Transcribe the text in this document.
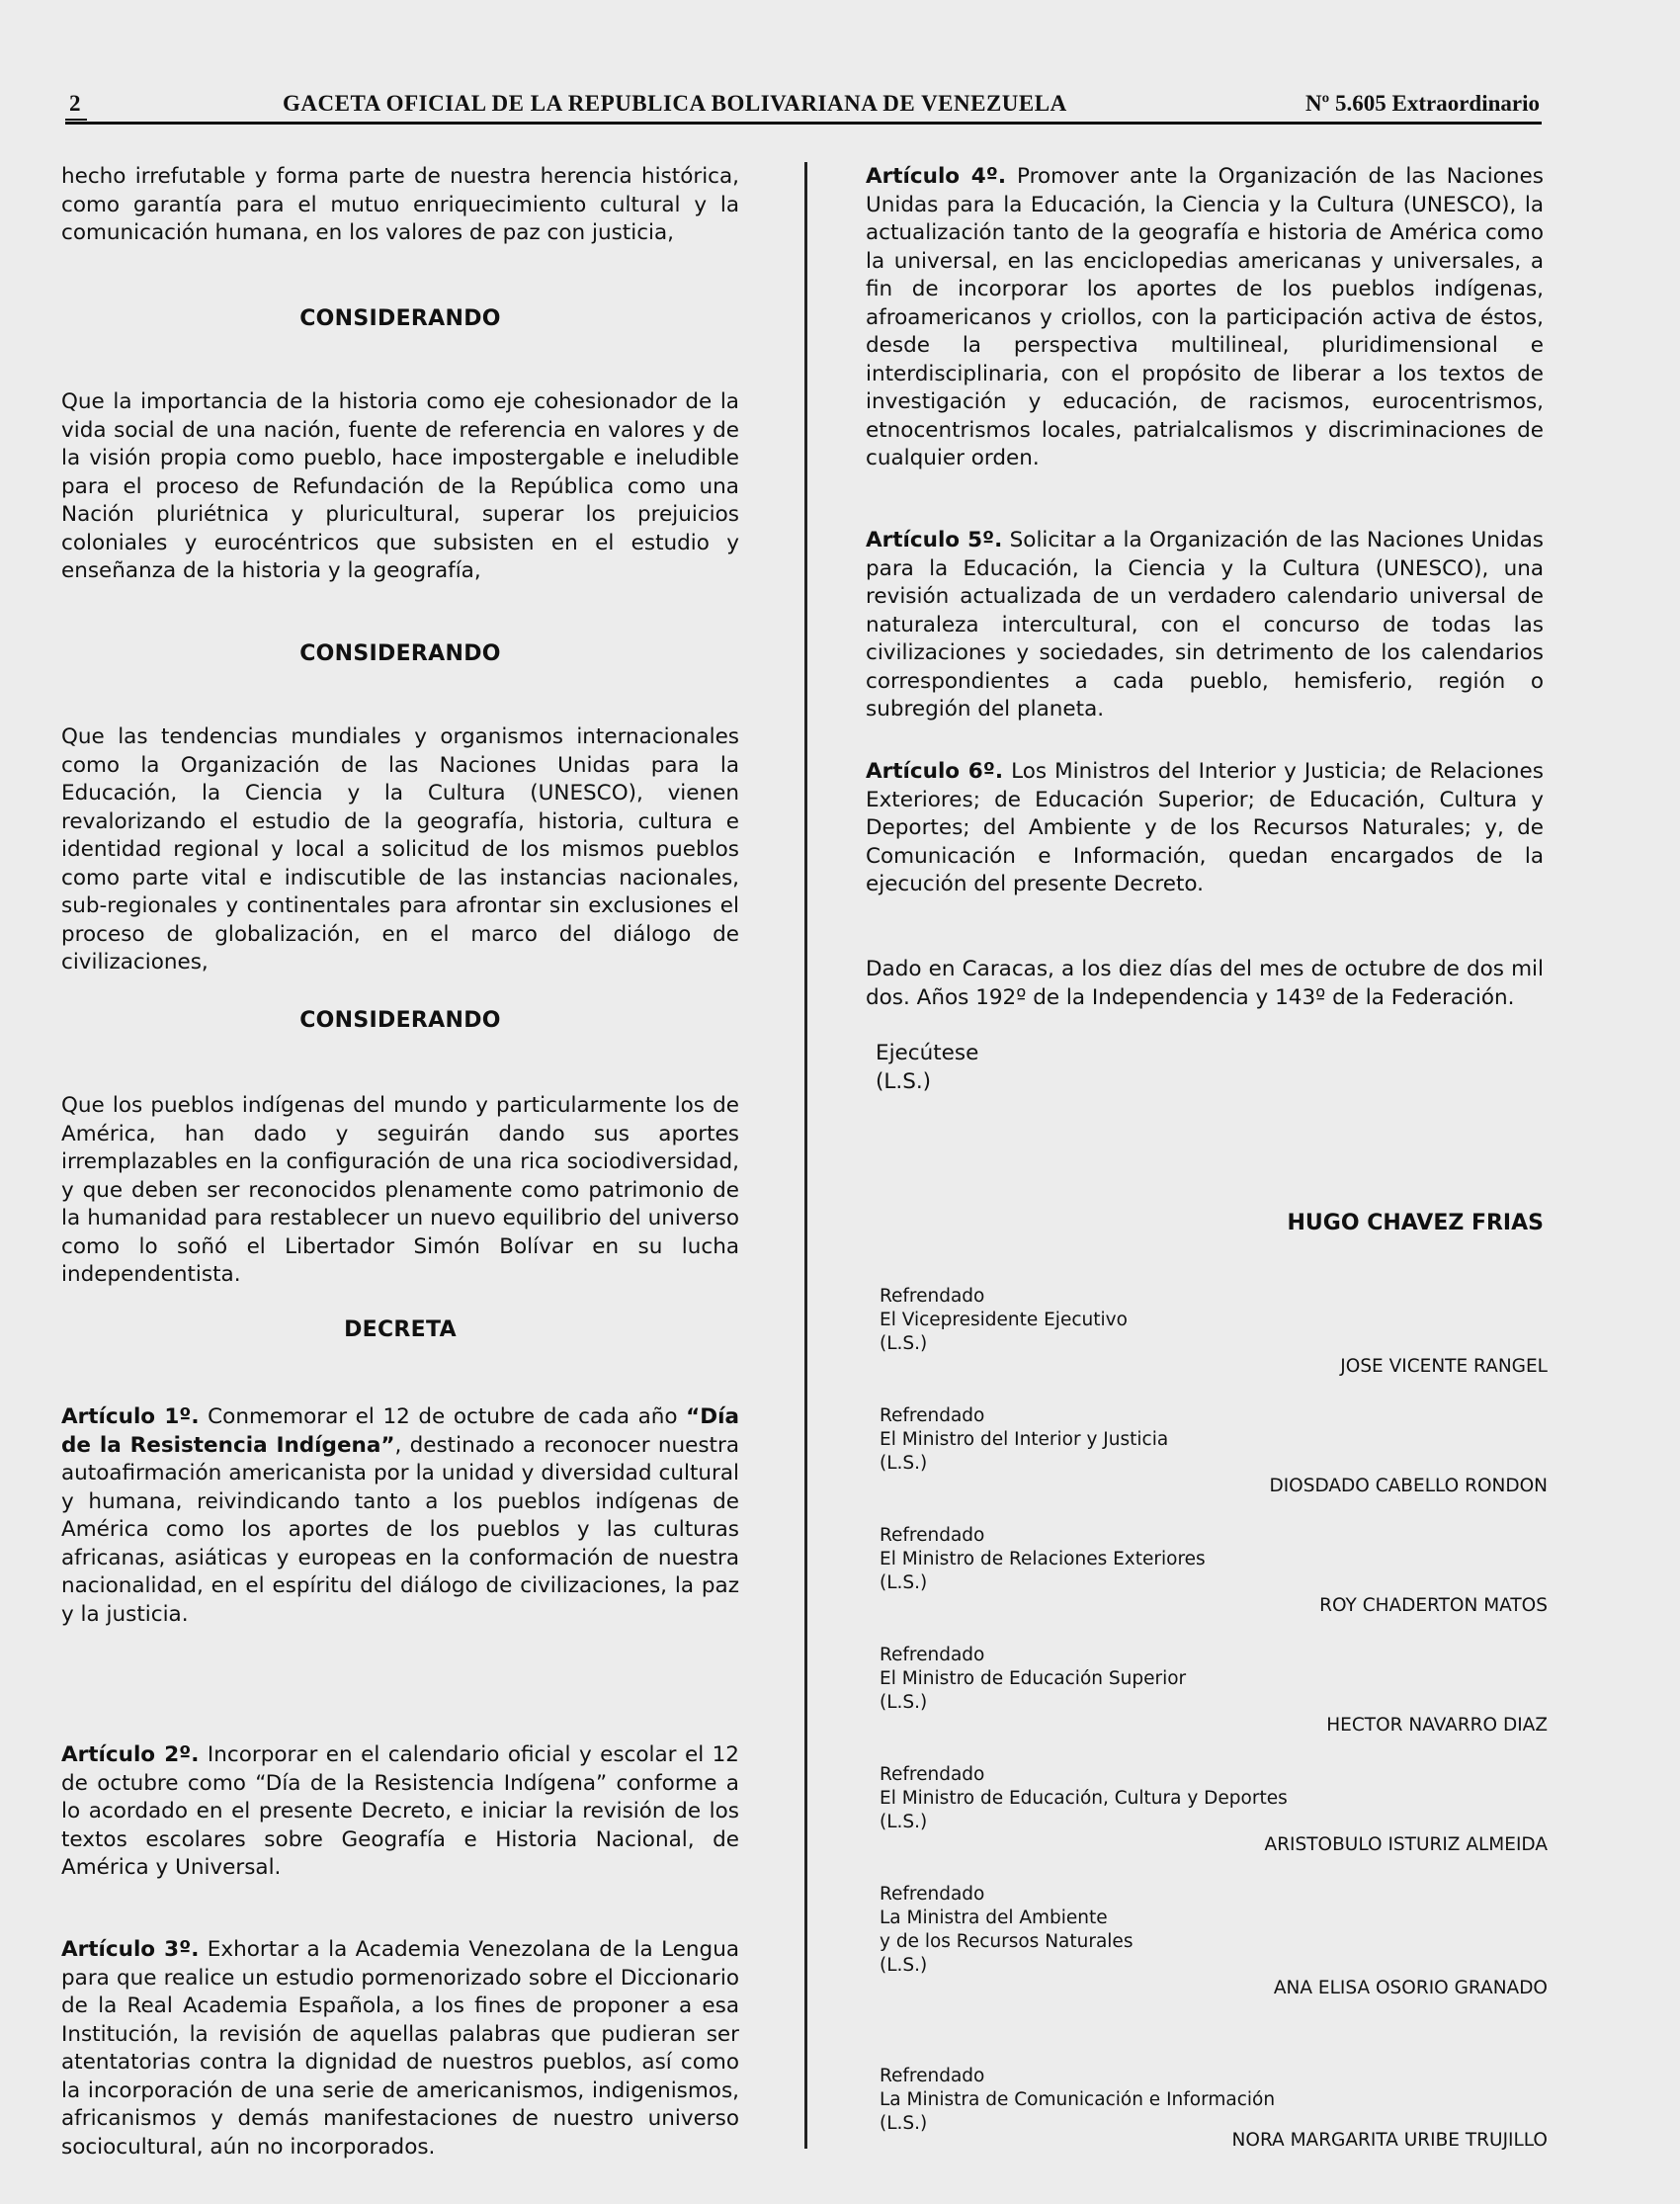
2	GACETA OFICIAL DE LA REPUBLICA BOLIVARIANA DE VENEZUELA	Nº 5.605 Extraordinario

hecho irrefutable y forma parte de nuestra herencia histórica, como garantía para el mutuo enriquecimiento cultural y la comunicación humana, en los valores de paz con justicia,

CONSIDERANDO

Que la importancia de la historia como eje cohesionador de la vida social de una nación, fuente de referencia en valores y de la visión propia como pueblo, hace impostergable e ineludible para el proceso de Refundación de la República como una Nación pluriétnica y pluricultural, superar los prejuicios coloniales y eurocéntricos que subsisten en el estudio y enseñanza de la historia y la geografía,

CONSIDERANDO

Que las tendencias mundiales y organismos internacionales como la Organización de las Naciones Unidas para la Educación, la Ciencia y la Cultura (UNESCO), vienen revalorizando el estudio de la geografía, historia, cultura e identidad regional y local a solicitud de los mismos pueblos como parte vital e indiscutible de las instancias nacionales, sub-regionales y continentales para afrontar sin exclusiones el proceso de globalización, en el marco del diálogo de civilizaciones,

CONSIDERANDO

Que los pueblos indígenas del mundo y particularmente los de América, han dado y seguirán dando sus aportes irremplazables en la configuración de una rica sociodiversidad, y que deben ser reconocidos plenamente como patrimonio de la humanidad para restablecer un nuevo equilibrio del universo como lo soñó el Libertador Simón Bolívar en su lucha independentista.

DECRETA

Artículo 1º. Conmemorar el 12 de octubre de cada año “Día de la Resistencia Indígena”, destinado a reconocer nuestra autoafirmación americanista por la unidad y diversidad cultural y humana, reivindicando tanto a los pueblos indígenas de América como los aportes de los pueblos y las culturas africanas, asiáticas y europeas en la conformación de nuestra nacionalidad, en el espíritu del diálogo de civilizaciones, la paz y la justicia.

Artículo 2º. Incorporar en el calendario oficial y escolar el 12 de octubre como “Día de la Resistencia Indígena” conforme a lo acordado en el presente Decreto, e iniciar la revisión de los textos escolares sobre Geografía e Historia Nacional, de América y Universal.

Artículo 3º. Exhortar a la Academia Venezolana de la Lengua para que realice un estudio pormenorizado sobre el Diccionario de la Real Academia Española, a los fines de proponer a esa Institución, la revisión de aquellas palabras que pudieran ser atentatorias contra la dignidad de nuestros pueblos, así como la incorporación de una serie de americanismos, indigenismos, africanismos y demás manifestaciones de nuestro universo sociocultural, aún no incorporados.

Artículo 4º. Promover ante la Organización de las Naciones Unidas para la Educación, la Ciencia y la Cultura (UNESCO), la actualización tanto de la geografía e historia de América como la universal, en las enciclopedias americanas y universales, a fin de incorporar los aportes de los pueblos indígenas, afroamericanos y criollos, con la participación activa de éstos, desde la perspectiva multilineal, pluridimensional e interdisciplinaria, con el propósito de liberar a los textos de investigación y educación, de racismos, eurocentrismos, etnocentrismos locales, patrialcalismos y discriminaciones de cualquier orden.

Artículo 5º. Solicitar a la Organización de las Naciones Unidas para la Educación, la Ciencia y la Cultura (UNESCO), una revisión actualizada de un verdadero calendario universal de naturaleza intercultural, con el concurso de todas las civilizaciones y sociedades, sin detrimento de los calendarios correspondientes a cada pueblo, hemisferio, región o subregión del planeta.

Artículo 6º. Los Ministros del Interior y Justicia; de Relaciones Exteriores; de Educación Superior; de Educación, Cultura y Deportes; del Ambiente y de los Recursos Naturales; y, de Comunicación e Información, quedan encargados de la ejecución del presente Decreto.

Dado en Caracas, a los diez días del mes de octubre de dos mil dos. Años 192º de la Independencia y 143º de la Federación.

Ejecútese
(L.S.)
HUGO CHAVEZ FRIAS
Refrendado
El Vicepresidente Ejecutivo
(L.S.)
JOSE VICENTE RANGEL
Refrendado
El Ministro del Interior y Justicia
(L.S.)
DIOSDADO CABELLO RONDON
Refrendado
El Ministro de Relaciones Exteriores
(L.S.)
ROY CHADERTON MATOS
Refrendado
El Ministro de Educación Superior
(L.S.)
HECTOR NAVARRO DIAZ
Refrendado
El Ministro de Educación, Cultura y Deportes
(L.S.)
ARISTOBULO ISTURIZ ALMEIDA
Refrendado
La Ministra del Ambiente
y de los Recursos Naturales
(L.S.)
ANA ELISA OSORIO GRANADO
Refrendado
La Ministra de Comunicación e Información
(L.S.)
NORA MARGARITA URIBE TRUJILLO
